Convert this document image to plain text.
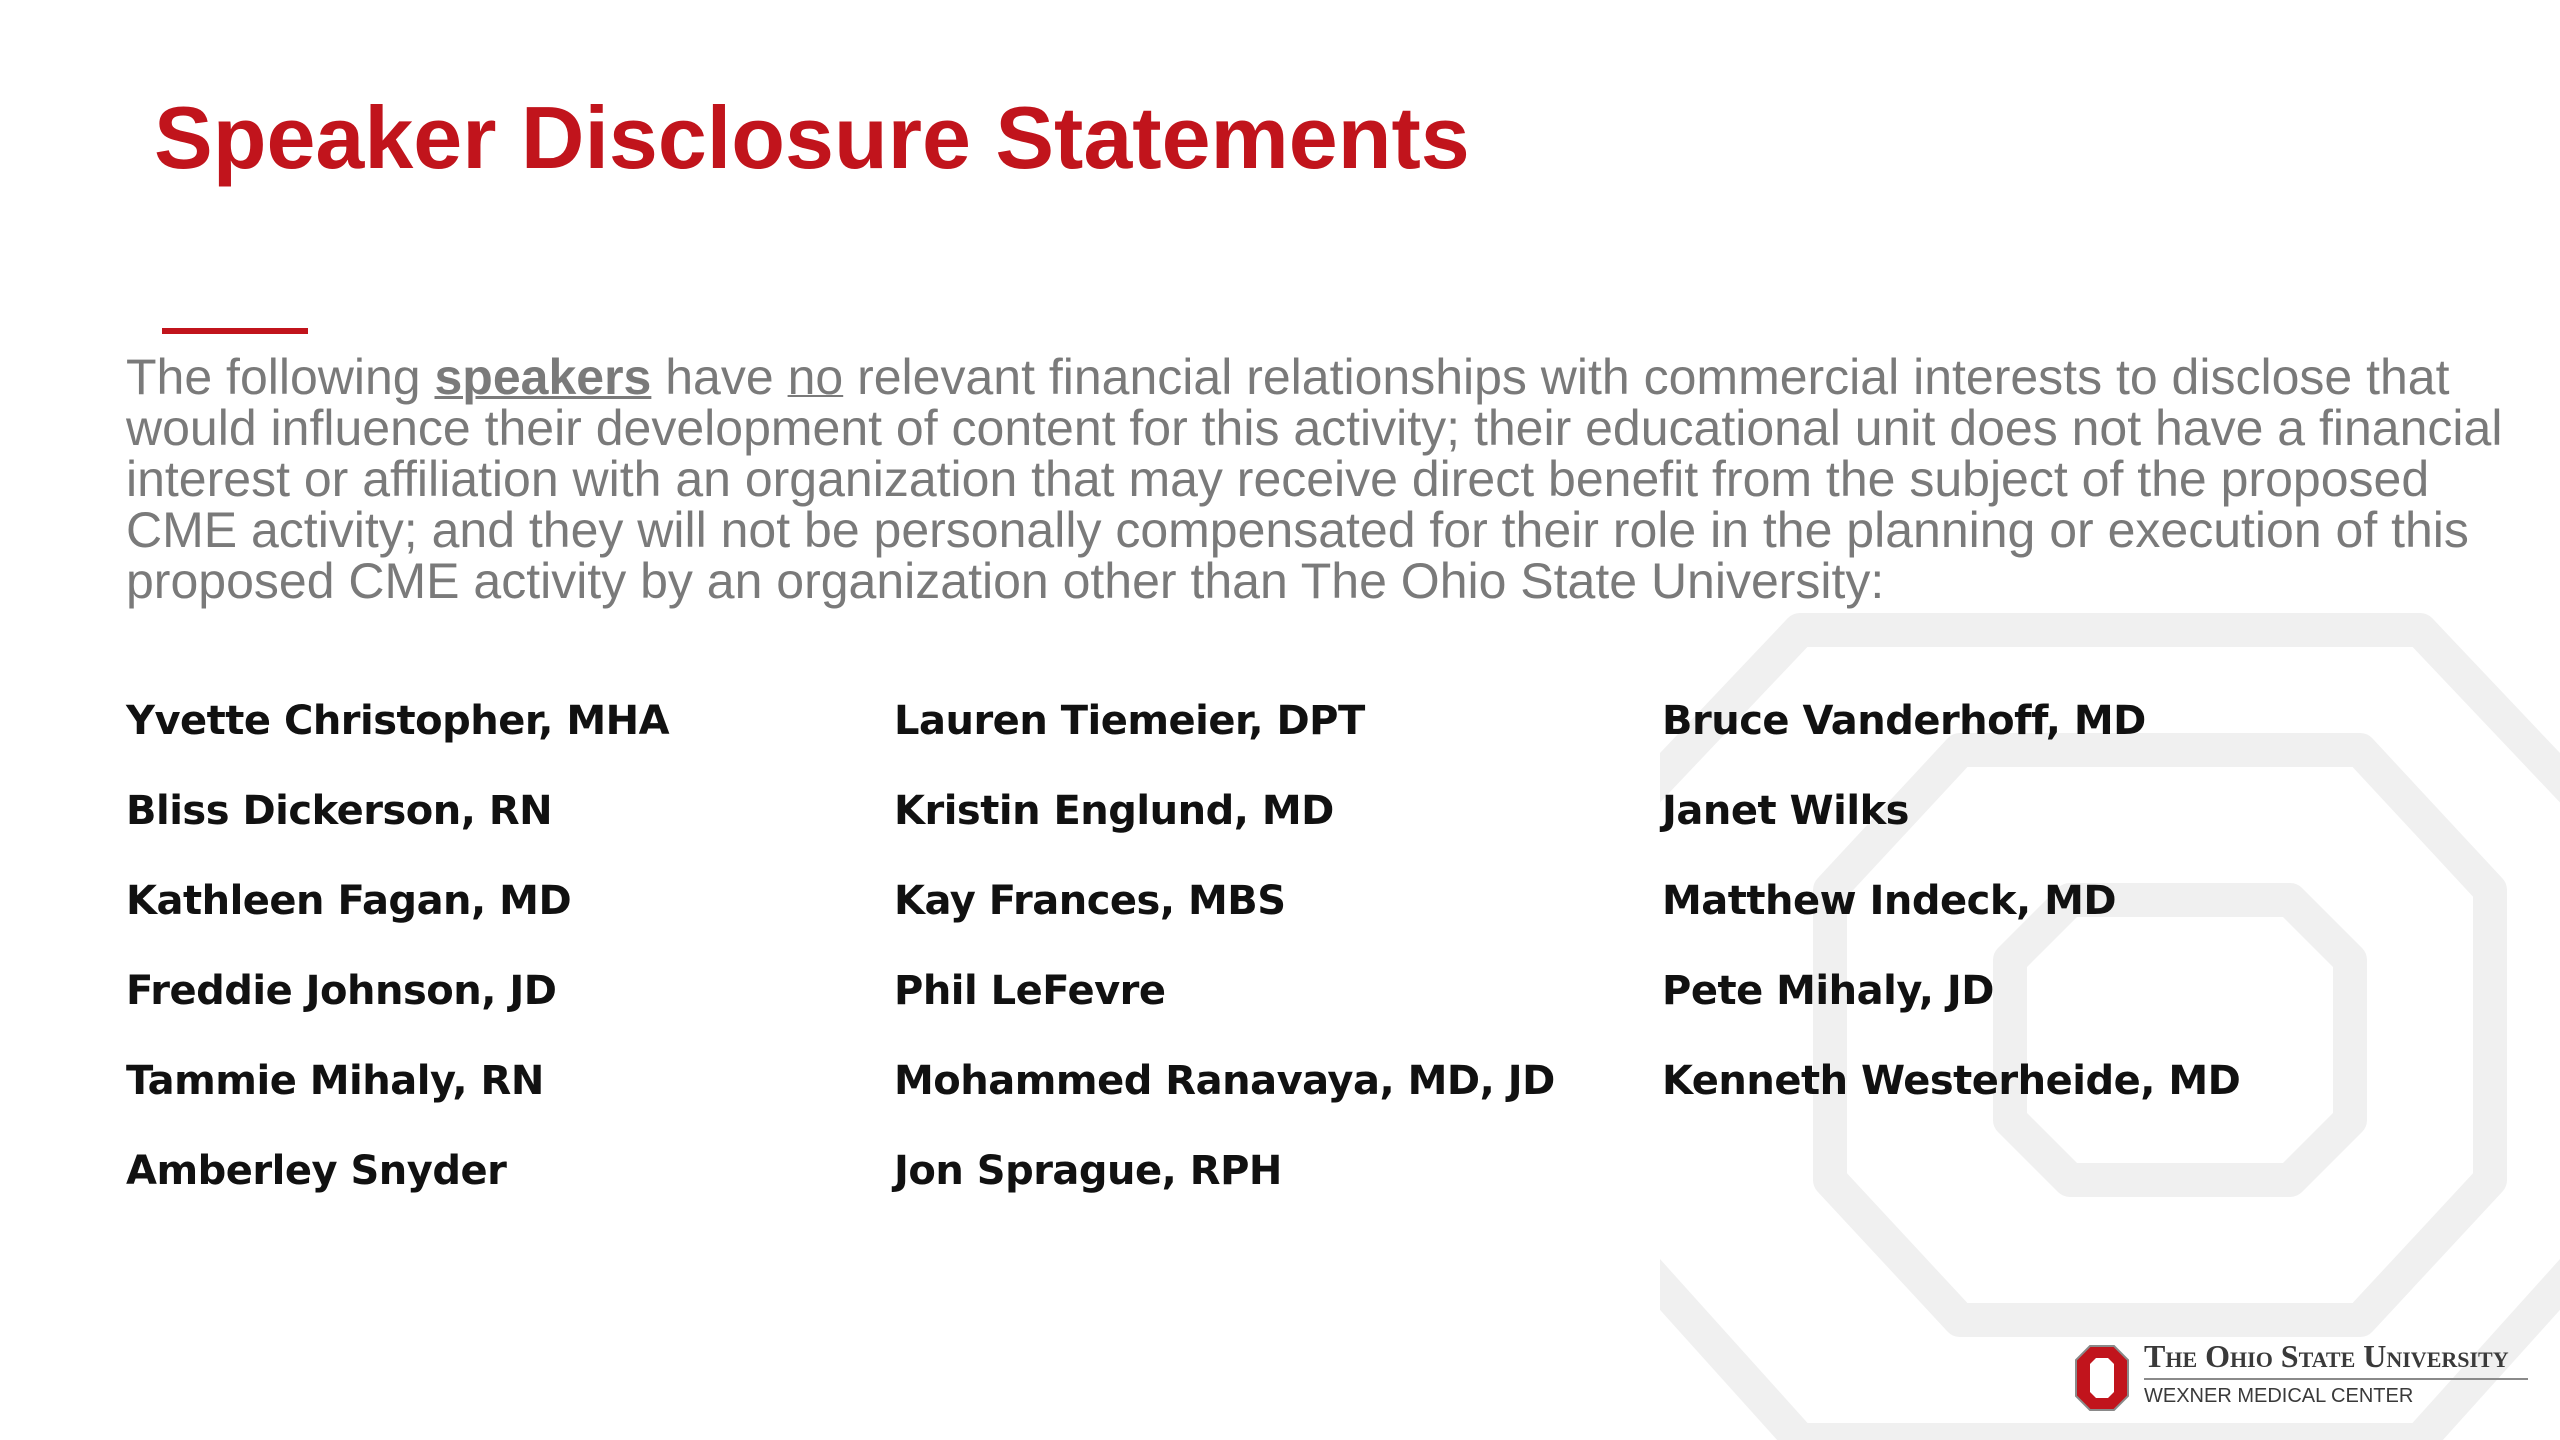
Speaker Disclosure Statements

The following speakers have no relevant financial relationships with commercial interests to disclose that would influence their development of content for this activity; their educational unit does not have a financial interest or affiliation with an organization that may receive direct benefit from the subject of the proposed CME activity; and they will not be personally compensated for their role in the planning or execution of this proposed CME activity by an organization other than The Ohio State University:

Yvette Christopher, MHA
Bliss Dickerson, RN
Kathleen Fagan, MD
Freddie Johnson, JD
Tammie Mihaly, RN
Amberley Snyder
Lauren Tiemeier, DPT
Kristin Englund, MD
Kay Frances, MBS
Phil LeFevre
Mohammed Ranavaya, MD, JD
Jon Sprague, RPH
Bruce Vanderhoff, MD
Janet Wilks
Matthew Indeck, MD
Pete Mihaly, JD
Kenneth Westerheide, MD
The Ohio State University
WEXNER MEDICAL CENTER
